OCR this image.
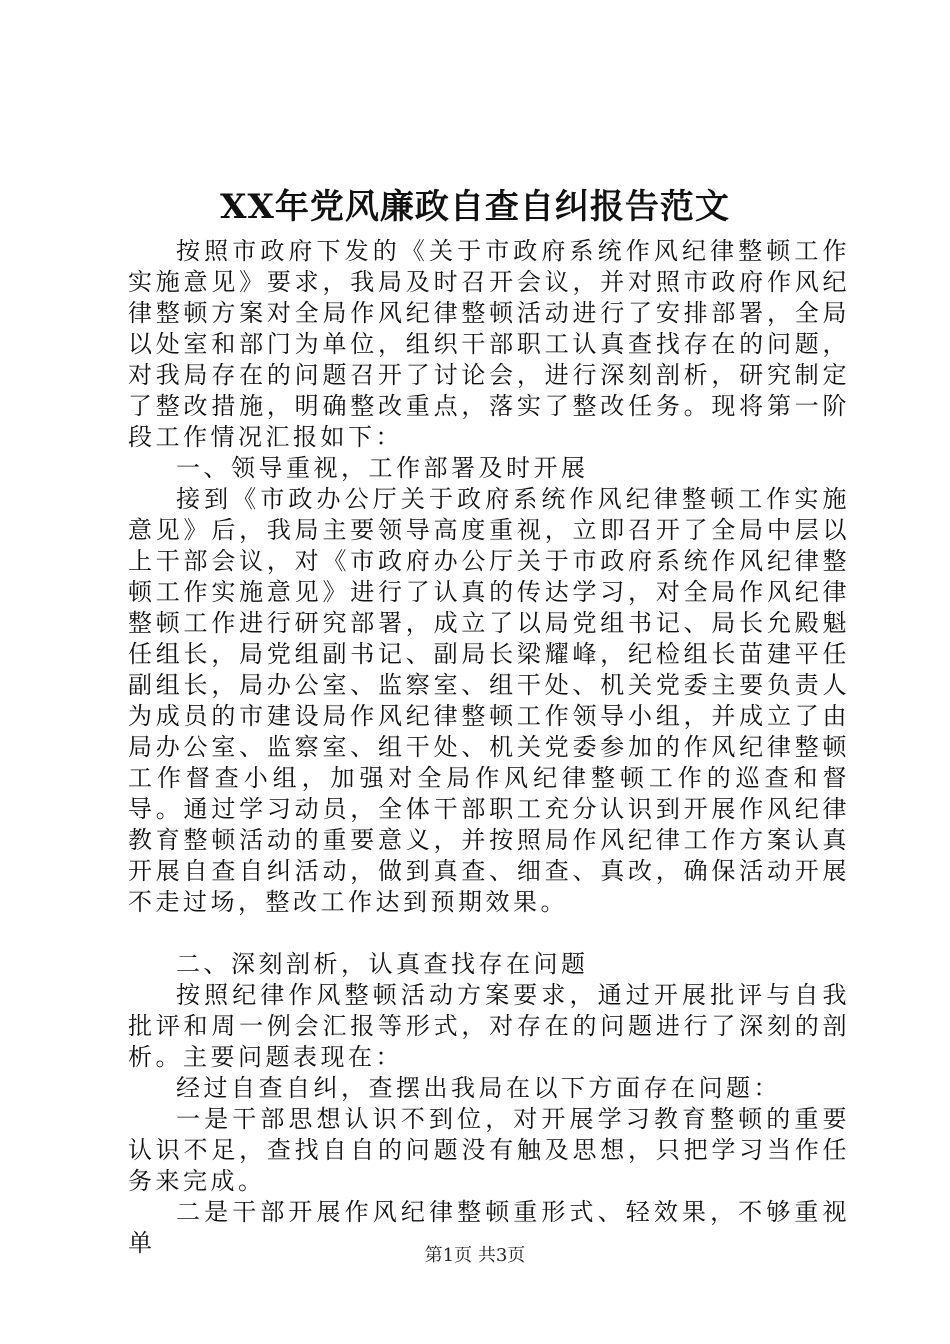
XX年党风廉政自查自纠报告范文

按照市政府下发的《关于市政府系统作风纪律整顿工作实施意见》要求，我局及时召开会议，并对照市政府作风纪律整顿方案对全局作风纪律整顿活动进行了安排部署，全局以处室和部门为单位，组织干部职工认真查找存在的问题，对我局存在的问题召开了讨论会，进行深刻剖析，研究制定了整改措施，明确整改重点，落实了整改任务。现将第一阶段工作情况汇报如下：

一、领导重视，工作部署及时开展

接到《市政办公厅关于政府系统作风纪律整顿工作实施意见》后，我局主要领导高度重视，立即召开了全局中层以上干部会议，对《市政府办公厅关于市政府系统作风纪律整顿工作实施意见》进行了认真的传达学习，对全局作风纪律整顿工作进行研究部署，成立了以局党组书记、局长允殿魁任组长，局党组副书记、副局长梁耀峰，纪检组长苗建平任副组长，局办公室、监察室、组干处、机关党委主要负责人为成员的市建设局作风纪律整顿工作领导小组，并成立了由局办公室、监察室、组干处、机关党委参加的作风纪律整顿工作督查小组，加强对全局作风纪律整顿工作的巡查和督导。通过学习动员，全体干部职工充分认识到开展作风纪律教育整顿活动的重要意义，并按照局作风纪律工作方案认真开展自查自纠活动，做到真查、细查、真改，确保活动开展不走过场，整改工作达到预期效果。

二、深刻剖析，认真查找存在问题

按照纪律作风整顿活动方案要求，通过开展批评与自我批评和周一例会汇报等形式，对存在的问题进行了深刻的剖析。主要问题表现在：

经过自查自纠，查摆出我局在以下方面存在问题：

一是干部思想认识不到位，对开展学习教育整顿的重要认识不足，查找自自的问题没有触及思想，只把学习当作任务来完成。

二是干部开展作风纪律整顿重形式、轻效果，不够重视单	第1页 共3页
